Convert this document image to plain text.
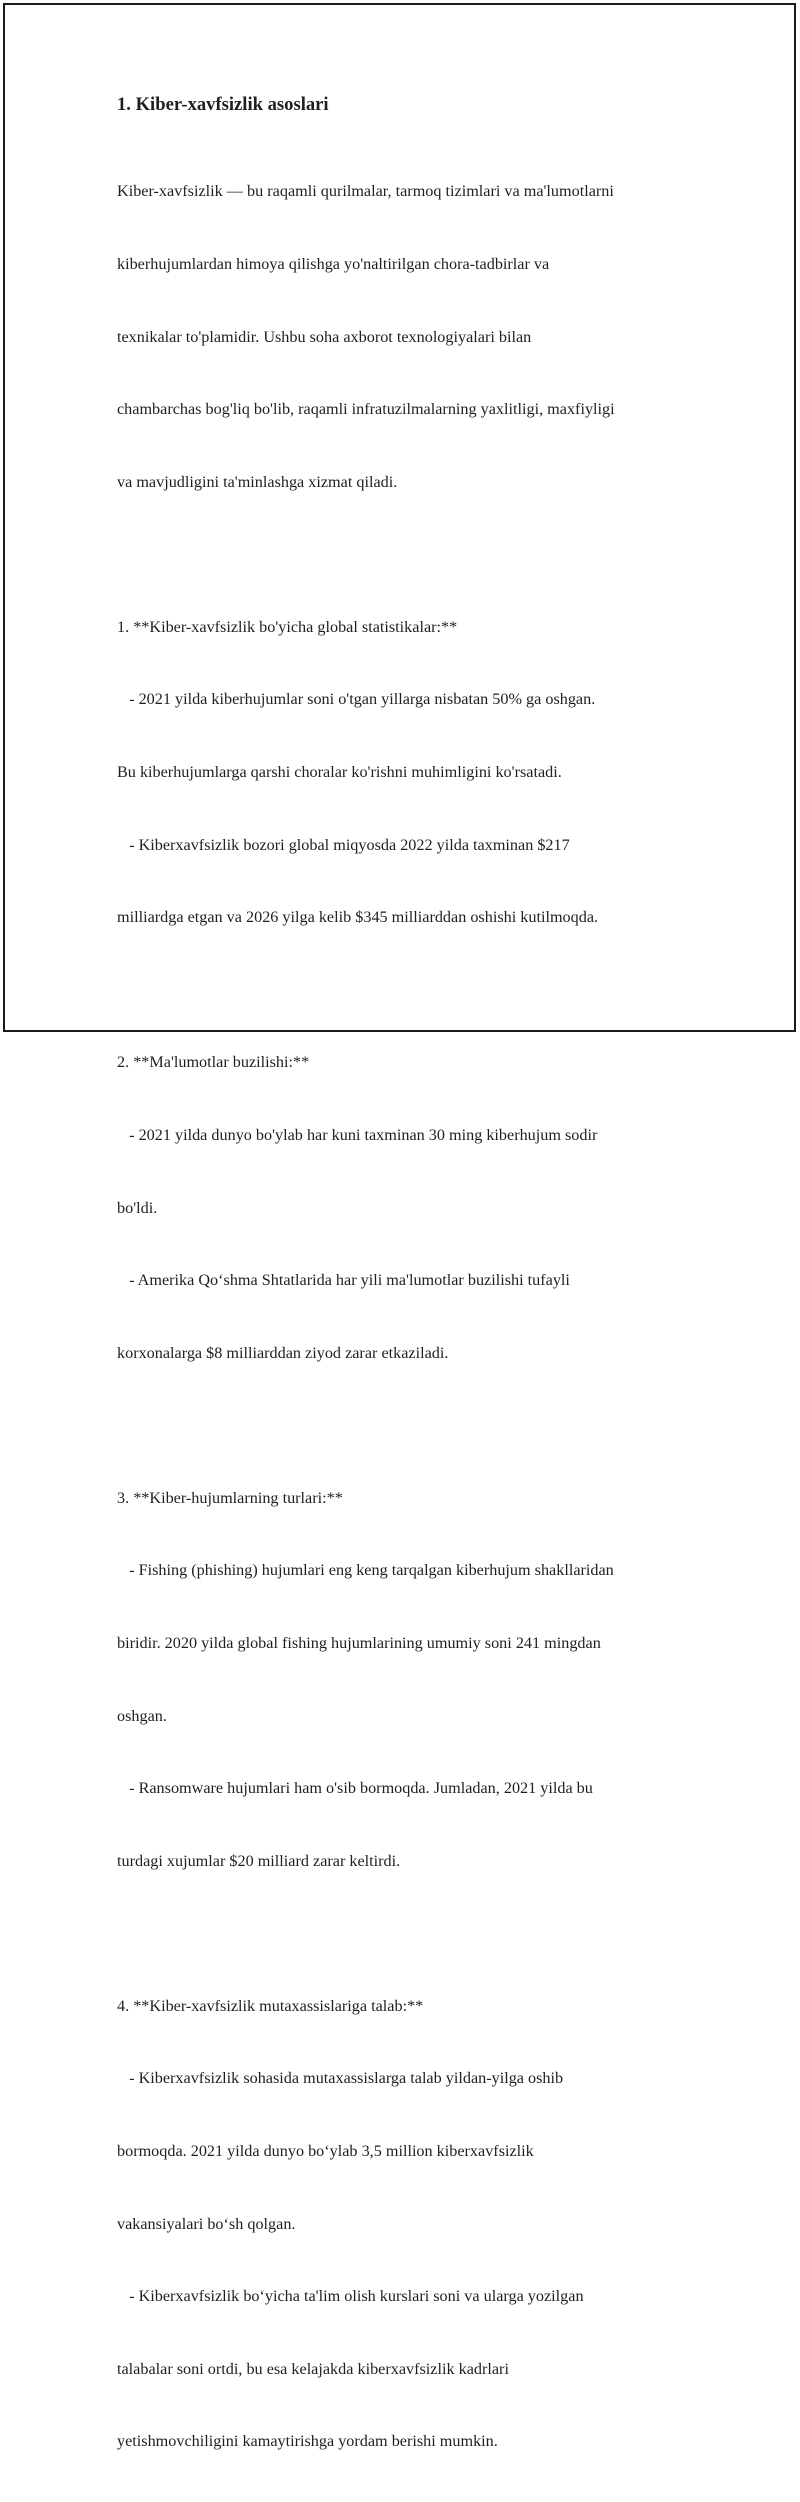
1. Kiber-xavfsizlik asoslari

Kiber-xavfsizlik — bu raqamli qurilmalar, tarmoq tizimlari va ma'lumotlarni

kiberhujumlardan himoya qilishga yo'naltirilgan chora-tadbirlar va

texnikalar to'plamidir. Ushbu soha axborot texnologiyalari bilan

chambarchas bog'liq bo'lib, raqamli infratuzilmalarning yaxlitligi, maxfiyligi

va mavjudligini ta'minlashga xizmat qiladi.

1. **Kiber-xavfsizlik bo'yicha global statistikalar:**

- 2021 yilda kiberhujumlar soni o'tgan yillarga nisbatan 50% ga oshgan.

Bu kiberhujumlarga qarshi choralar ko'rishni muhimligini ko'rsatadi.

- Kiberxavfsizlik bozori global miqyosda 2022 yilda taxminan $217

milliardga etgan va 2026 yilga kelib $345 milliarddan oshishi kutilmoqda.

2. **Ma'lumotlar buzilishi:**

- 2021 yilda dunyo bo'ylab har kuni taxminan 30 ming kiberhujum sodir

bo'ldi.

- Amerika Qo‘shma Shtatlarida har yili ma'lumotlar buzilishi tufayli

korxonalarga $8 milliarddan ziyod zarar etkaziladi.

3. **Kiber-hujumlarning turlari:**

- Fishing (phishing) hujumlari eng keng tarqalgan kiberhujum shakllaridan

biridir. 2020 yilda global fishing hujumlarining umumiy soni 241 mingdan

oshgan.

- Ransomware hujumlari ham o'sib bormoqda. Jumladan, 2021 yilda bu

turdagi xujumlar $20 milliard zarar keltirdi.

4. **Kiber-xavfsizlik mutaxassislariga talab:**

- Kiberxavfsizlik sohasida mutaxassislarga talab yildan-yilga oshib

bormoqda. 2021 yilda dunyo bo‘ylab 3,5 million kiberxavfsizlik

vakansiyalari bo‘sh qolgan.

- Kiberxavfsizlik bo‘yicha ta'lim olish kurslari soni va ularga yozilgan

talabalar soni ortdi, bu esa kelajakda kiberxavfsizlik kadrlari

yetishmovchiligini kamaytirishga yordam berishi mumkin.
